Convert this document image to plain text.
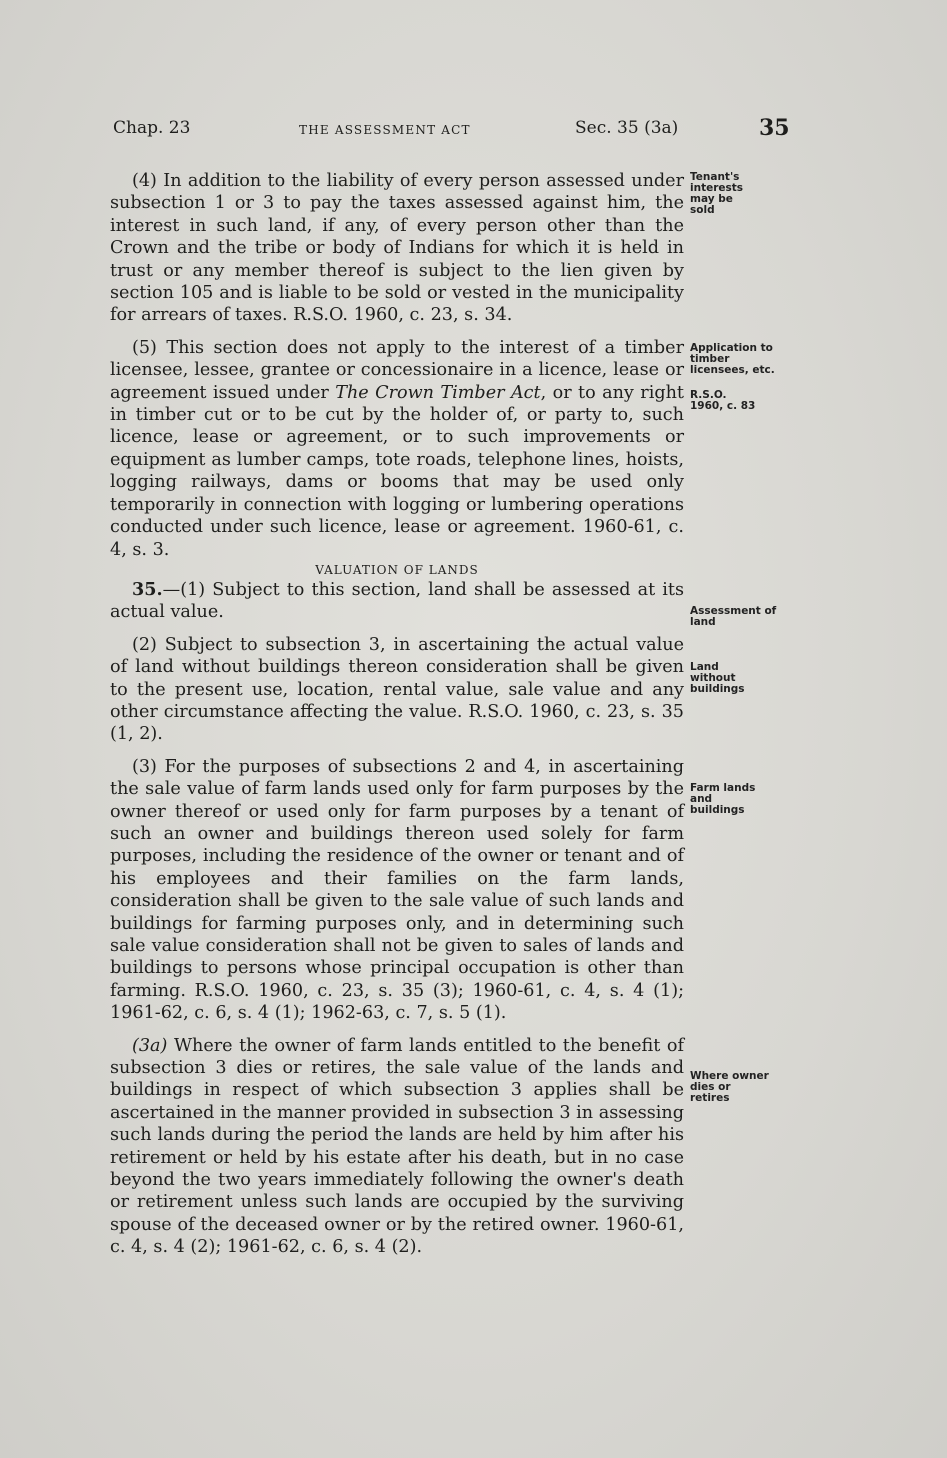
Chap. 23	THE ASSESSMENT ACT	Sec. 35 (3a)	35

(4) In addition to the liability of every person assessed under subsection 1 or 3 to pay the taxes assessed against him, the interest in such land, if any, of every person other than the Crown and the tribe or body of Indians for which it is held in trust or any member thereof is subject to the lien given by section 105 and is liable to be sold or vested in the municipality for arrears of taxes. R.S.O. 1960, c. 23, s. 34.

(5) This section does not apply to the interest of a timber licensee, lessee, grantee or concessionaire in a licence, lease or agreement issued under The Crown Timber Act, or to any right in timber cut or to be cut by the holder of, or party to, such licence, lease or agreement, or to such improvements or equipment as lumber camps, tote roads, telephone lines, hoists, logging railways, dams or booms that may be used only temporarily in connection with logging or lumbering operations conducted under such licence, lease or agreement. 1960-61, c. 4, s. 3.

VALUATION OF LANDS

35.—(1) Subject to this section, land shall be assessed at its actual value.

(2) Subject to subsection 3, in ascertaining the actual value of land without buildings thereon consideration shall be given to the present use, location, rental value, sale value and any other circumstance affecting the value. R.S.O. 1960, c. 23, s. 35 (1, 2).

(3) For the purposes of subsections 2 and 4, in ascertaining the sale value of farm lands used only for farm purposes by the owner thereof or used only for farm purposes by a tenant of such an owner and buildings thereon used solely for farm purposes, including the residence of the owner or tenant and of his employees and their families on the farm lands, consideration shall be given to the sale value of such lands and buildings for farming purposes only, and in determining such sale value consideration shall not be given to sales of lands and buildings to persons whose principal occupation is other than farming. R.S.O. 1960, c. 23, s. 35 (3); 1960-61, c. 4, s. 4 (1); 1961-62, c. 6, s. 4 (1); 1962-63, c. 7, s. 5 (1).

(3a) Where the owner of farm lands entitled to the benefit of subsection 3 dies or retires, the sale value of the lands and buildings in respect of which subsection 3 applies shall be ascertained in the manner provided in subsection 3 in assessing such lands during the period the lands are held by him after his retirement or held by his estate after his death, but in no case beyond the two years immediately following the owner's death or retirement unless such lands are occupied by the surviving spouse of the deceased owner or by the retired owner. 1960-61, c. 4, s. 4 (2); 1961-62, c. 6, s. 4 (2).

Tenant's interests may be sold
Application to timber licensees, etc.
R.S.O. 1960, c. 83
Assessment of land
Land without buildings
Farm lands and buildings
Where owner dies or retires
